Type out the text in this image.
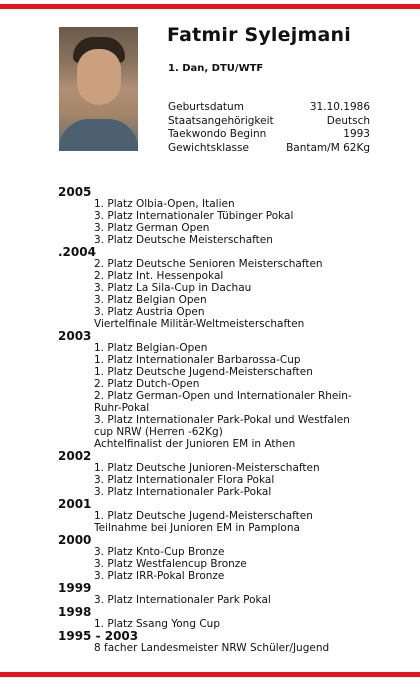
Fatmir Sylejmani
1. Dan, DTU/WTF
Geburtsdatum	31.10.1986
Staatsangehörigkeit	Deutsch
Taekwondo Beginn	1993
Gewichtsklasse	Bantam/M 62Kg
2005
1. Platz Olbia-Open, Italien
3. Platz Internationaler Tübinger Pokal
3. Platz German Open
3. Platz Deutsche Meisterschaften
.2004
2. Platz Deutsche Senioren Meisterschaften
2. Platz Int. Hessenpokal
3. Platz La Sila-Cup in Dachau
3. Platz Belgian Open
3. Platz Austria Open
Viertelfinale Militär-Weltmeisterschaften
2003
1. Platz Belgian-Open
1. Platz Internationaler Barbarossa-Cup
1. Platz Deutsche Jugend-Meisterschaften
2. Platz Dutch-Open
2. Platz German-Open und Internationaler Rhein-Ruhr-Pokal
3. Platz Internationaler Park-Pokal und Westfalen cup NRW (Herren -62Kg)
Achtelfinalist der Junioren EM in Athen
2002
1. Platz Deutsche Junioren-Meisterschaften
3. Platz Internationaler Flora Pokal
3. Platz Internationaler Park-Pokal
2001
1. Platz Deutsche Jugend-Meisterschaften
Teilnahme bei Junioren EM in Pamplona
2000
3. Platz Knto-Cup Bronze
3. Platz Westfalencup Bronze
3. Platz IRR-Pokal Bronze
1999
3. Platz Internationaler Park Pokal
1998
1. Platz Ssang Yong Cup
1995 - 2003
8 facher Landesmeister NRW Schüler/Jugend
